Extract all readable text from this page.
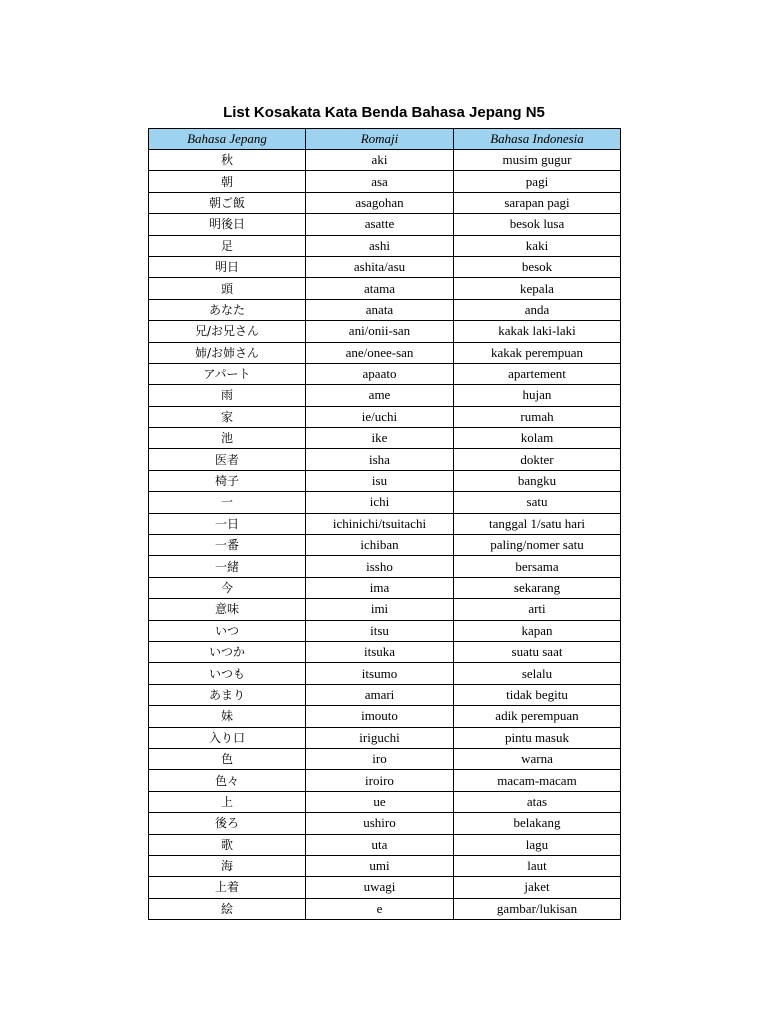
List Kosakata Kata Benda Bahasa Jepang N5
Bahasa Jepang	Romaji	Bahasa Indonesia
秋	aki	musim gugur
朝	asa	pagi
朝ご飯	asagohan	sarapan pagi
明後日	asatte	besok lusa
足	ashi	kaki
明日	ashita/asu	besok
頭	atama	kepala
あなた	anata	anda
兄/お兄さん	ani/onii-san	kakak laki-laki
姉/お姉さん	ane/onee-san	kakak perempuan
アパート	apaato	apartement
雨	ame	hujan
家	ie/uchi	rumah
池	ike	kolam
医者	isha	dokter
椅子	isu	bangku
一	ichi	satu
一日	ichinichi/tsuitachi	tanggal 1/satu hari
一番	ichiban	paling/nomer satu
一緒	issho	bersama
今	ima	sekarang
意味	imi	arti
いつ	itsu	kapan
いつか	itsuka	suatu saat
いつも	itsumo	selalu
あまり	amari	tidak begitu
妹	imouto	adik perempuan
入り口	iriguchi	pintu masuk
色	iro	warna
色々	iroiro	macam-macam
上	ue	atas
後ろ	ushiro	belakang
歌	uta	lagu
海	umi	laut
上着	uwagi	jaket
絵	e	gambar/lukisan
